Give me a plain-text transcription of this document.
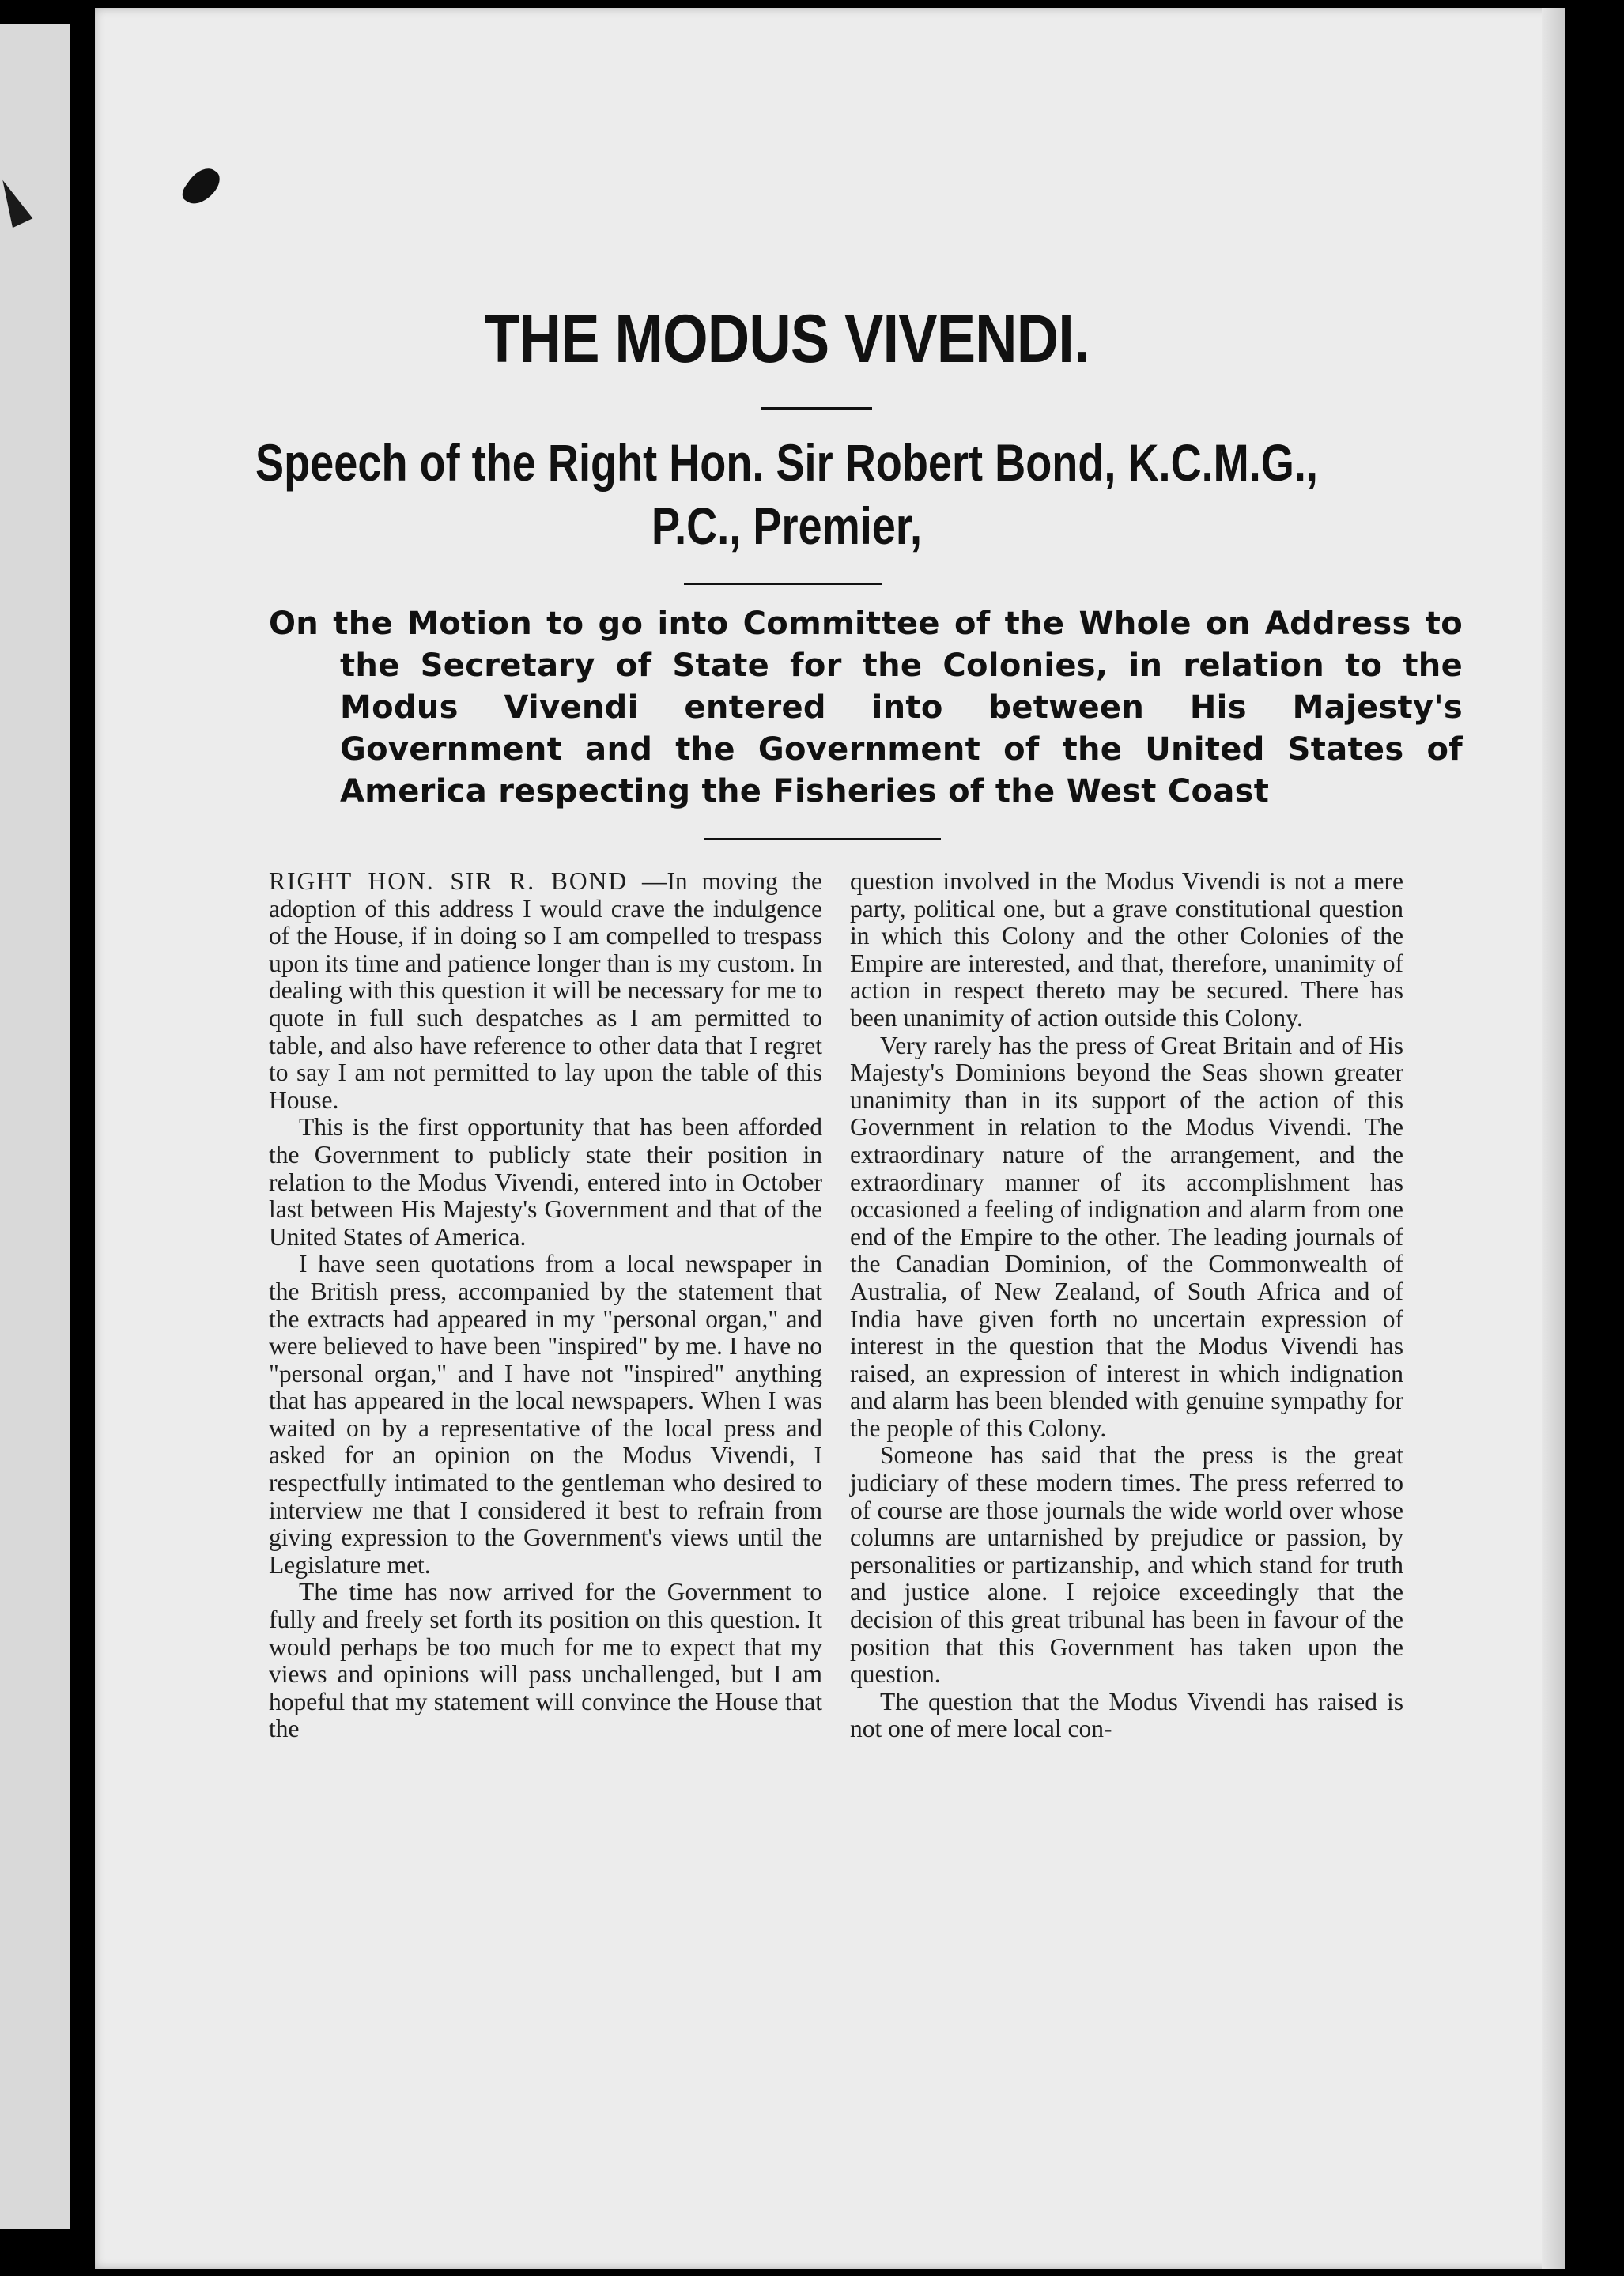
THE MODUS VIVENDI.
Speech of the Right Hon. Sir Robert Bond, K.C.M.G.,
P.C., Premier,
On the Motion to go into Committee of the Whole on Address to the Secretary of State for the Colonies, in relation to the Modus Vivendi entered into between His Majesty's Government and the Government of the United States of America respecting the Fisheries of the West Coast

RIGHT HON. SIR R. BOND —In moving the adoption of this address I would crave the indulgence of the House, if in doing so I am compelled to trespass upon its time and patience longer than is my custom. In dealing with this question it will be necessary for me to quote in full such despatches as I am permitted to table, and also have reference to other data that I regret to say I am not permitted to lay upon the table of this House.

This is the first opportunity that has been afforded the Government to publicly state their position in relation to the Modus Vivendi, entered into in October last between His Majesty's Government and that of the United States of America.

I have seen quotations from a local newspaper in the British press, accompanied by the statement that the extracts had appeared in my "personal organ," and were believed to have been "inspired" by me. I have no "personal organ," and I have not "inspired" anything that has appeared in the local newspapers. When I was waited on by a representative of the local press and asked for an opinion on the Modus Vivendi, I respectfully intimated to the gentleman who desired to interview me that I considered it best to refrain from giving expression to the Government's views until the Legislature met.

The time has now arrived for the Government to fully and freely set forth its position on this question. It would perhaps be too much for me to expect that my views and opinions will pass unchallenged, but I am hopeful that my statement will convince the House that the

question involved in the Modus Vivendi is not a mere party, political one, but a grave constitutional question in which this Colony and the other Colonies of the Empire are interested, and that, therefore, unanimity of action in respect thereto may be secured. There has been unanimity of action outside this Colony.

Very rarely has the press of Great Britain and of His Majesty's Dominions beyond the Seas shown greater unanimity than in its support of the action of this Government in relation to the Modus Vivendi. The extraordinary nature of the arrangement, and the extraordinary manner of its accomplishment has occasioned a feeling of indignation and alarm from one end of the Empire to the other. The leading journals of the Canadian Dominion, of the Commonwealth of Australia, of New Zealand, of South Africa and of India have given forth no uncertain expression of interest in the question that the Modus Vivendi has raised, an expression of interest in which indignation and alarm has been blended with genuine sympathy for the people of this Colony.

Someone has said that the press is the great judiciary of these modern times. The press referred to of course are those journals the wide world over whose columns are untarnished by prejudice or passion, by personalities or partizanship, and which stand for truth and justice alone. I rejoice exceedingly that the decision of this great tribunal has been in favour of the position that this Government has taken upon the question.

The question that the Modus Vivendi has raised is not one of mere local con-
